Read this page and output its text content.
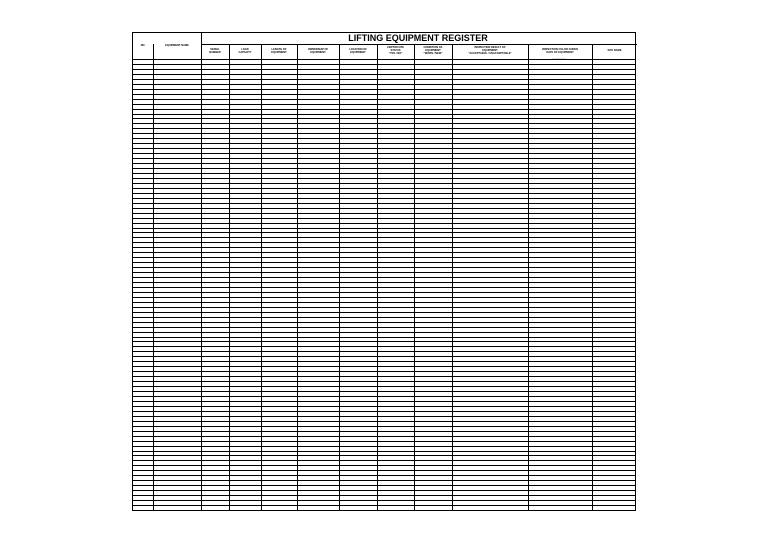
LIFTING EQUIPMENT REGISTER
NO.	EQUIPMENT NAME
SERIAL
NUMBER
LOAD
CAPACITY
LENGTH OF
EQUIPMENT
OWNERSHIP OF
EQUIPMENT
LOCATION OF
EQUIPMENT
CERTIFICATE
STATUS
"YES / NO"
CONDITION OF
EQUIPMENT
"WORN / NEW"
INSPECTION RESULT OF
EQUIPMENT
"ACCEPTABLE / UNACCEPTABLE"
INSPECTION COLOR CODED
DATE OF EQUIPMENT	SITE NAME
DD/MM/YYYY
